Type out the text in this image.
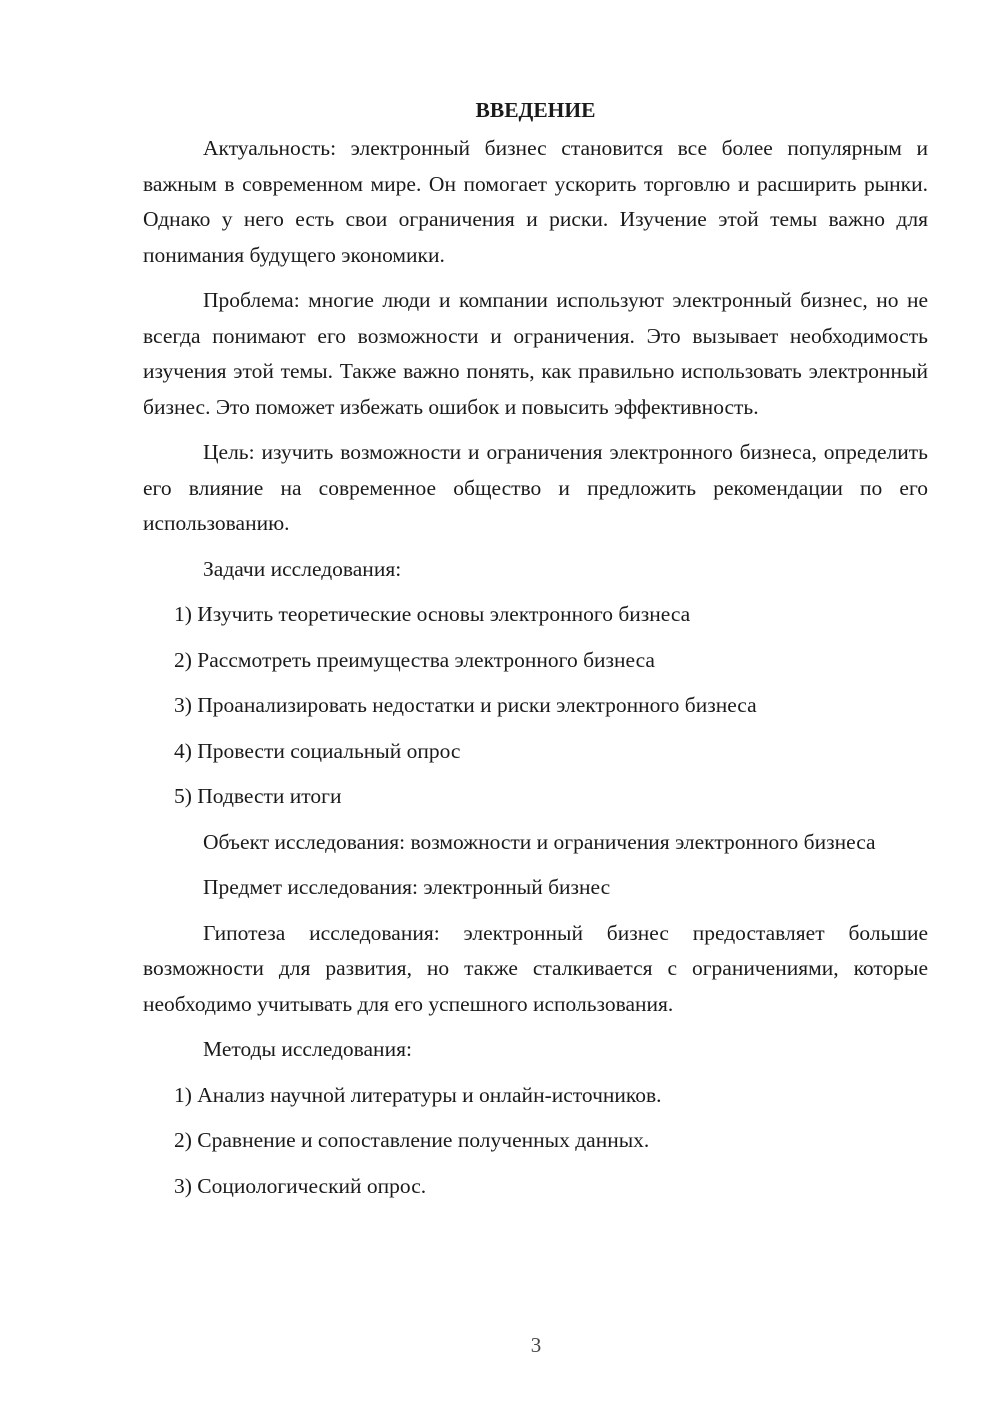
ВВЕДЕНИЕ

Актуальность: электронный бизнес становится все более популярным и важным в современном мире. Он помогает ускорить торговлю и расширить рынки. Однако у него есть свои ограничения и риски. Изучение этой темы важно для понимания будущего экономики.

Проблема: многие люди и компании используют электронный бизнес, но не всегда понимают его возможности и ограничения. Это вызывает необходимость изучения этой темы. Также важно понять, как правильно использовать электронный бизнес. Это поможет избежать ошибок и повысить эффективность.

Цель: изучить возможности и ограничения электронного бизнеса, определить его влияние на современное общество и предложить рекомендации по его использованию.

Задачи исследования:

1) Изучить теоретические основы электронного бизнеса
2) Рассмотреть преимущества электронного бизнеса
3) Проанализировать недостатки и риски электронного бизнеса
4) Провести социальный опрос
5) Подвести итоги

Объект исследования: возможности и ограничения электронного бизнеса

Предмет исследования: электронный бизнес

Гипотеза исследования: электронный бизнес предоставляет большие возможности для развития, но также сталкивается с ограничениями, которые необходимо учитывать для его успешного использования.

Методы исследования:

1) Анализ научной литературы и онлайн-источников.
2) Сравнение и сопоставление полученных данных.
3) Социологический опрос.
3
